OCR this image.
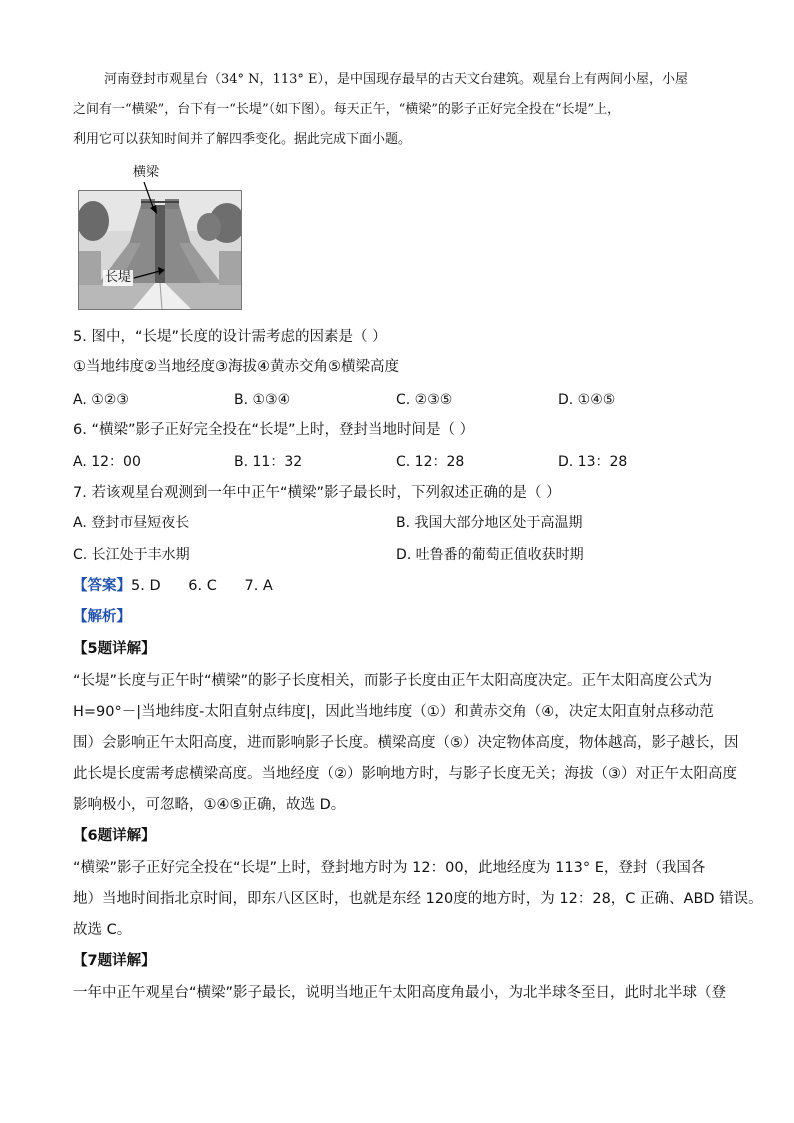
河南登封市观星台（34° N，113° E），是中国现存最早的古天文台建筑。观星台上有两间小屋，小屋
之间有一“横梁”，台下有一“长堤”（如下图）。每天正午，“横梁”的影子正好完全投在“长堤”上，
利用它可以获知时间并了解四季变化。据此完成下面小题。
横梁
长堤
5. 图中，“长堤”长度的设计需考虑的因素是（ ）
①当地纬度②当地经度③海拔④黄赤交角⑤横梁高度
A. ①②③	B. ①③④	C. ②③⑤	D. ①④⑤
6. “横梁”影子正好完全投在“长堤”上时，登封当地时间是（ ）
A. 12：00	B. 11：32	C. 12：28	D. 13：28
7. 若该观星台观测到一年中正午“横梁”影子最长时，下列叙述正确的是（ ）
A. 登封市昼短夜长	B. 我国大部分地区处于高温期
C. 长江处于丰水期	D. 吐鲁番的葡萄正值收获时期
【答案】5. D      6. C      7. A
【解析】
【5题详解】
“长堤”长度与正午时“横梁”的影子长度相关，而影子长度由正午太阳高度决定。正午太阳高度公式为
H=90°－|当地纬度-太阳直射点纬度|，因此当地纬度（①）和黄赤交角（④，决定太阳直射点移动范
围）会影响正午太阳高度，进而影响影子长度。横梁高度（⑤）决定物体高度，物体越高，影子越长，因
此长堤长度需考虑横梁高度。当地经度（②）影响地方时，与影子长度无关；海拔（③）对正午太阳高度
影响极小，可忽略，①④⑤正确，故选 D。
【6题详解】
“横梁”影子正好完全投在“长堤”上时，登封地方时为 12：00，此地经度为 113° E，登封（我国各
地）当地时间指北京时间，即东八区区时，也就是东经 120度的地方时，为 12：28，C 正确、ABD 错误。
故选 C。
【7题详解】
一年中正午观星台“横梁”影子最长，说明当地正午太阳高度角最小，为北半球冬至日，此时北半球（登
